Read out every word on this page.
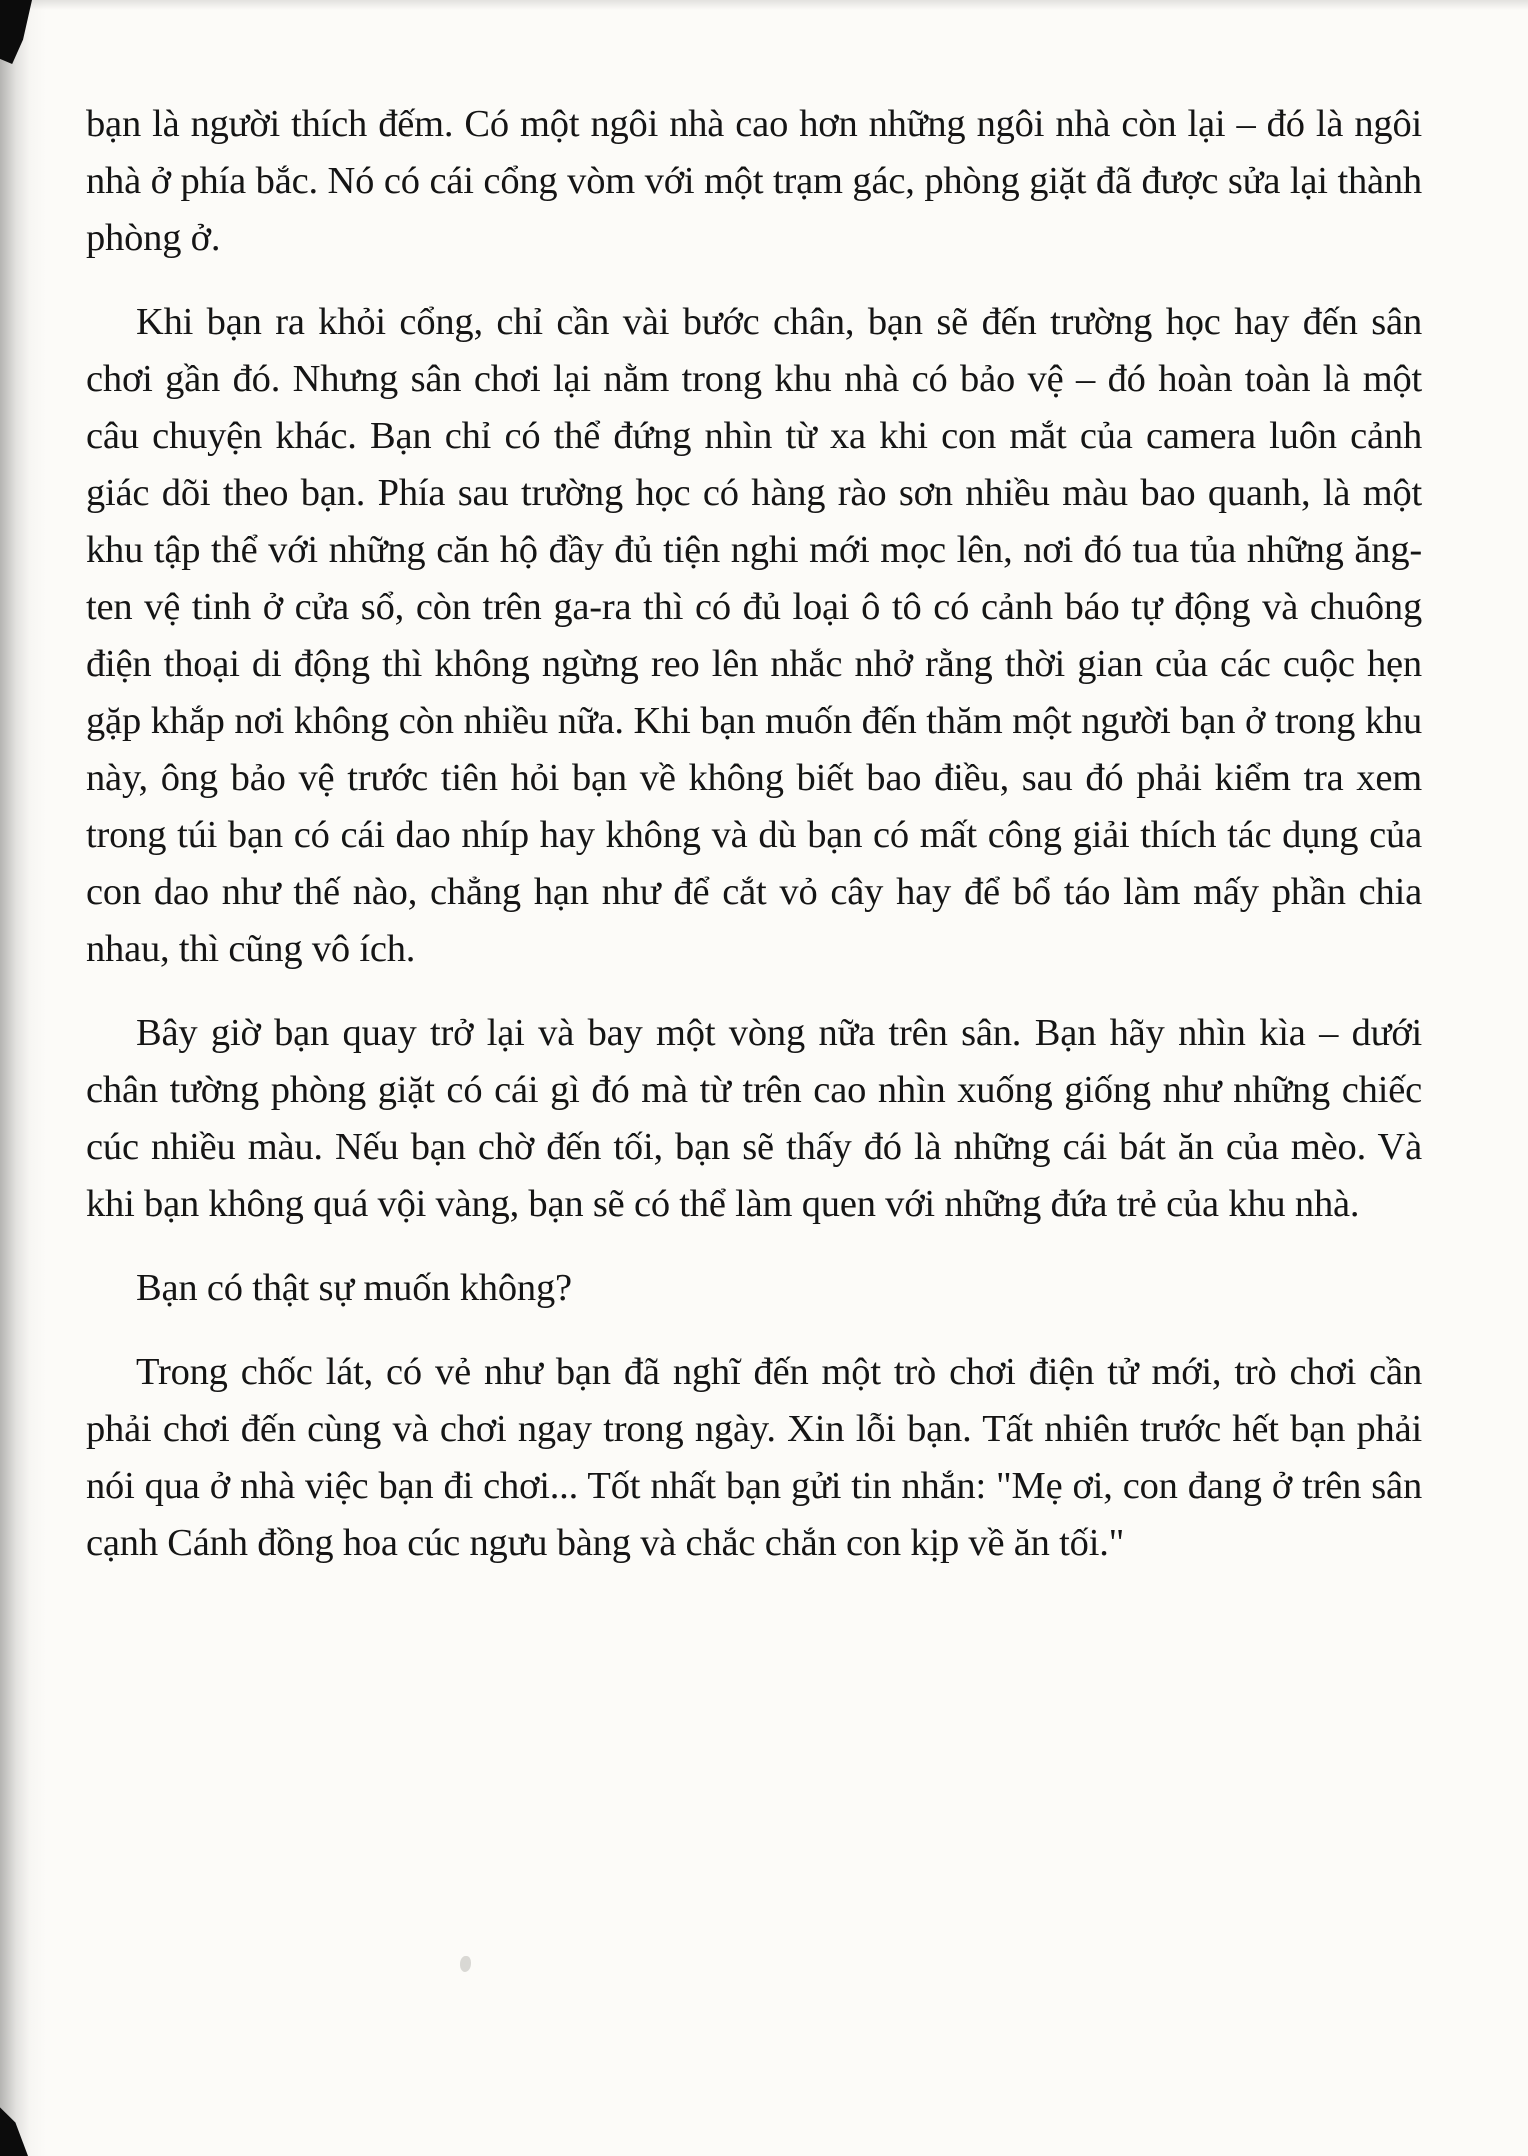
bạn là người thích đếm. Có một ngôi nhà cao hơn những ngôi nhà còn lại – đó là ngôi nhà ở phía bắc. Nó có cái cổng vòm với một trạm gác, phòng giặt đã được sửa lại thành phòng ở.

Khi bạn ra khỏi cổng, chỉ cần vài bước chân, bạn sẽ đến trường học hay đến sân chơi gần đó. Nhưng sân chơi lại nằm trong khu nhà có bảo vệ – đó hoàn toàn là một câu chuyện khác. Bạn chỉ có thể đứng nhìn từ xa khi con mắt của camera luôn cảnh giác dõi theo bạn. Phía sau trường học có hàng rào sơn nhiều màu bao quanh, là một khu tập thể với những căn hộ đầy đủ tiện nghi mới mọc lên, nơi đó tua tủa những ăng-ten vệ tinh ở cửa sổ, còn trên ga-ra thì có đủ loại ô tô có cảnh báo tự động và chuông điện thoại di động thì không ngừng reo lên nhắc nhở rằng thời gian của các cuộc hẹn gặp khắp nơi không còn nhiều nữa. Khi bạn muốn đến thăm một người bạn ở trong khu này, ông bảo vệ trước tiên hỏi bạn về không biết bao điều, sau đó phải kiểm tra xem trong túi bạn có cái dao nhíp hay không và dù bạn có mất công giải thích tác dụng của con dao như thế nào, chẳng hạn như để cắt vỏ cây hay để bổ táo làm mấy phần chia nhau, thì cũng vô ích.

Bây giờ bạn quay trở lại và bay một vòng nữa trên sân. Bạn hãy nhìn kìa – dưới chân tường phòng giặt có cái gì đó mà từ trên cao nhìn xuống giống như những chiếc cúc nhiều màu. Nếu bạn chờ đến tối, bạn sẽ thấy đó là những cái bát ăn của mèo. Và khi bạn không quá vội vàng, bạn sẽ có thể làm quen với những đứa trẻ của khu nhà.

Bạn có thật sự muốn không?

Trong chốc lát, có vẻ như bạn đã nghĩ đến một trò chơi điện tử mới, trò chơi cần phải chơi đến cùng và chơi ngay trong ngày. Xin lỗi bạn. Tất nhiên trước hết bạn phải nói qua ở nhà việc bạn đi chơi... Tốt nhất bạn gửi tin nhắn: "Mẹ ơi, con đang ở trên sân cạnh Cánh đồng hoa cúc ngưu bàng và chắc chắn con kịp về ăn tối."
